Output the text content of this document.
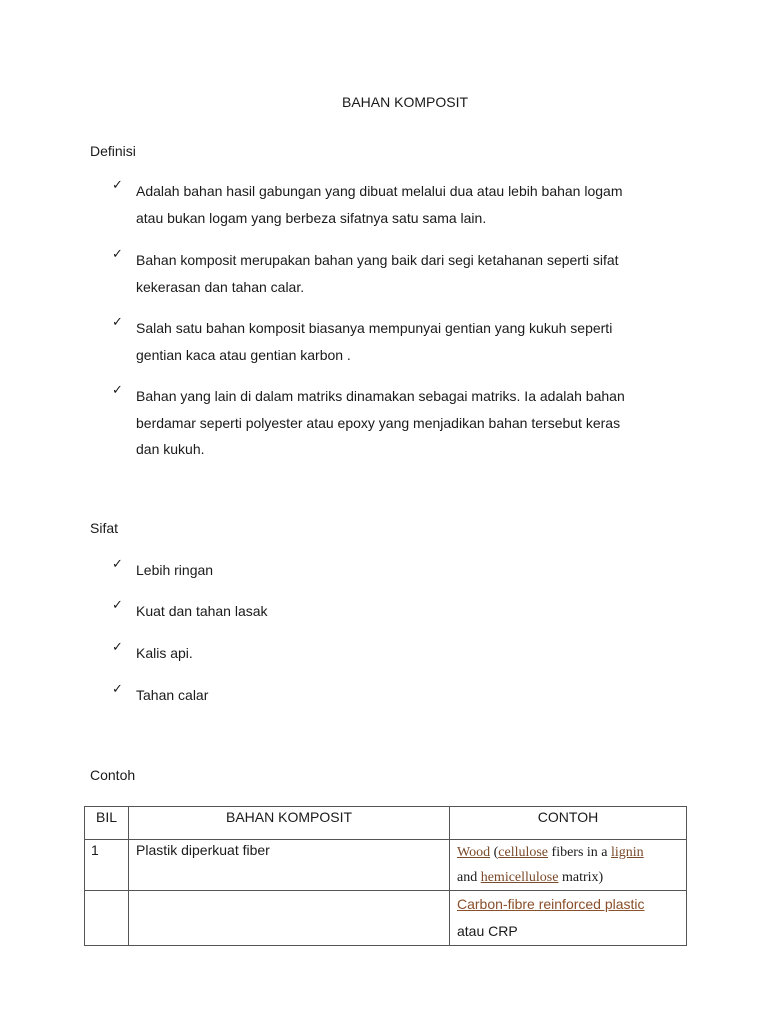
BAHAN KOMPOSIT
Definisi
✓ Adalah bahan hasil gabungan yang dibuat melalui dua atau lebih bahan logam
atau bukan logam yang berbeza sifatnya satu sama lain.
✓ Bahan komposit merupakan bahan yang baik dari segi ketahanan seperti sifat
kekerasan dan tahan calar.
✓ Salah satu bahan komposit biasanya mempunyai gentian yang kukuh seperti
gentian kaca atau gentian karbon .
✓ Bahan yang lain di dalam matriks dinamakan sebagai matriks. Ia adalah bahan
berdamar seperti polyester atau epoxy yang menjadikan bahan tersebut keras
dan kukuh.
Sifat
✓ Lebih ringan
✓ Kuat dan tahan lasak
✓ Kalis api.
✓ Tahan calar
Contoh
BIL	BAHAN KOMPOSIT	CONTOH
1	Plastik diperkuat fiber	Wood (cellulose fibers in a lignin
and hemicellulose matrix)
		Carbon-fibre reinforced plastic
atau CRP
